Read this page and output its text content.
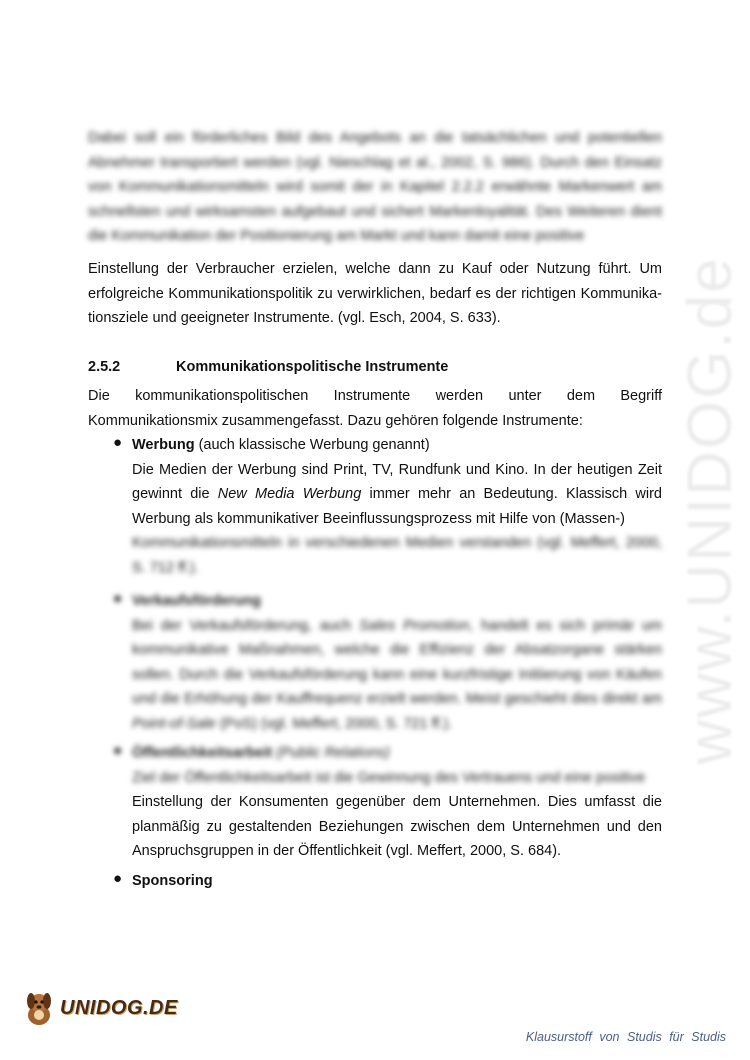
www.UNIDOG.de
Dabei soll ein förderliches Bild des Angebots an die tatsächlichen und potentiellen Abnehmer transportiert werden (vgl. Nieschlag et al., 2002, S. 986). Durch den Einsatz von Kommunikationsmitteln wird somit der in Kapitel 2.2.2 erwähnte Markenwert am schnellsten und wirksamsten aufgebaut und sichert Markenloyalität. Des Weiteren dient die Kommunikation der Positionierung am Markt und kann damit eine positive
Einstellung der Verbraucher erzielen, welche dann zu Kauf oder Nutzung führt. Um erfolgreiche Kommunikationspolitik zu verwirklichen, bedarf es der richtigen Kommunika-tionsziele und geeigneter Instrumente. (vgl. Esch, 2004, S. 633).
2.5.2	Kommunikationspolitische Instrumente
Die kommunikationspolitischen Instrumente werden unter dem Begriff Kommunikationsmix zusammengefasst. Dazu gehören folgende Instrumente:
● Werbung (auch klassische Werbung genannt)
Die Medien der Werbung sind Print, TV, Rundfunk und Kino. In der heutigen Zeit gewinnt die New Media Werbung immer mehr an Bedeutung. Klassisch wird Werbung als kommunikativer Beeinflussungsprozess mit Hilfe von (Massen-)
Kommunikationsmitteln in verschiedenen Medien verstanden (vgl. Meffert, 2000, S. 712 ff.).
● Verkaufsförderung
Bei der Verkaufsförderung, auch Sales Promotion, handelt es sich primär um kommunikative Maßnahmen, welche die Effizienz der Absatzorgane stärken sollen. Durch die Verkaufsförderung kann eine kurzfristige Initiierung von Käufen und die Erhöhung der Kauffrequenz erzielt werden. Meist geschieht dies direkt am Point-of-Sale (PoS) (vgl. Meffert, 2000, S. 721 ff.).
● Öffentlichkeitsarbeit (Public Relations)
Ziel der Öffentlichkeitsarbeit ist die Gewinnung des Vertrauens und eine positive
Einstellung der Konsumenten gegenüber dem Unternehmen. Dies umfasst die planmäßig zu gestaltenden Beziehungen zwischen dem Unternehmen und den Anspruchsgruppen in der Öffentlichkeit (vgl. Meffert, 2000, S. 684).
● Sponsoring
UNIDOG.DE
Klausurstoff von Studis für Studis
